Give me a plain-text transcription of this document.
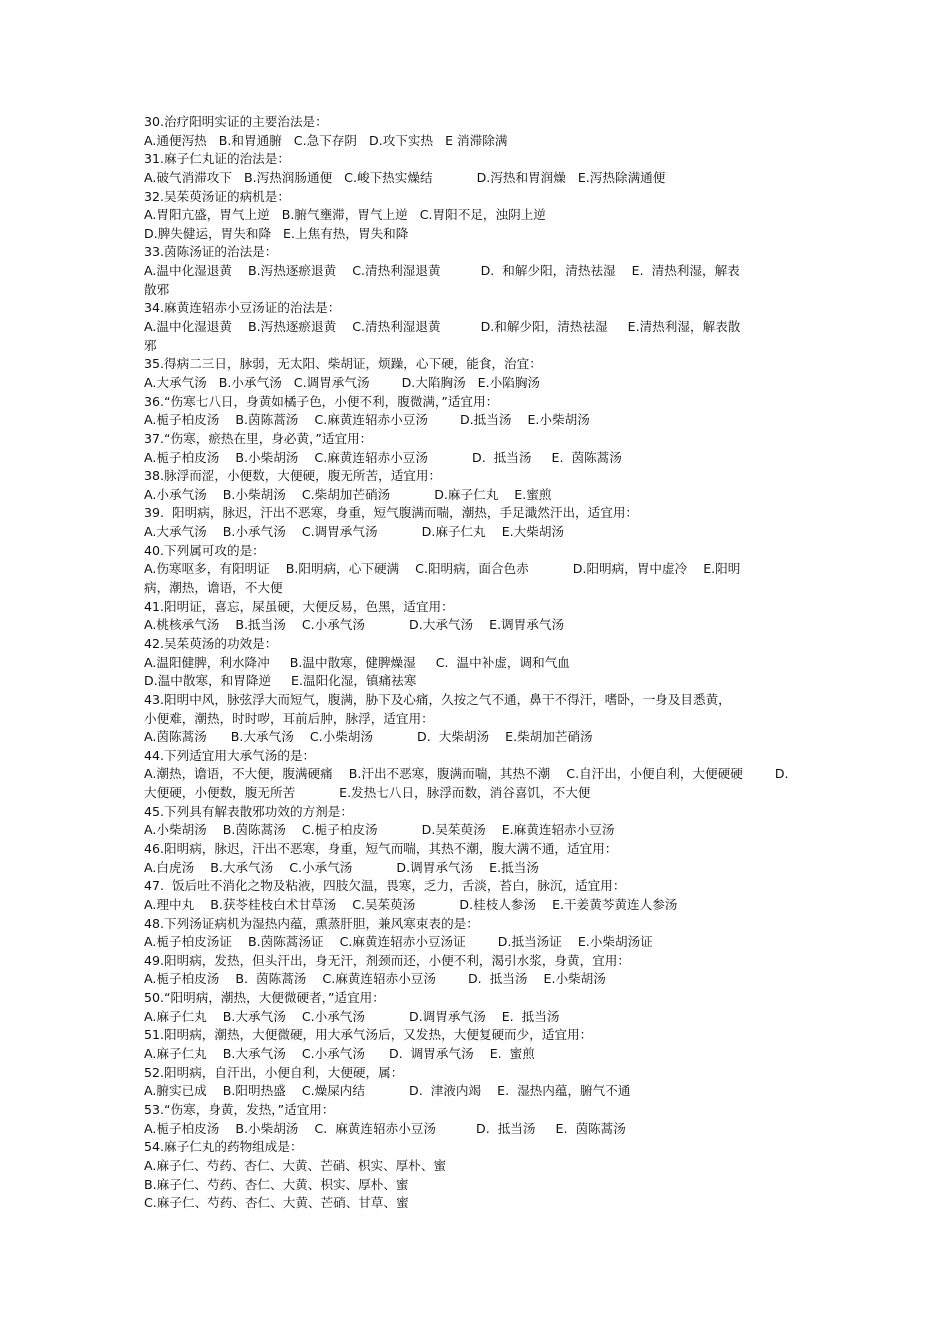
30.治疗阳明实证的主要治法是：
A.通便泻热   B.和胃通腑   C.急下存阴   D.攻下实热   E 消滞除满
31.麻子仁丸证的治法是：
A.破气消滞攻下   B.泻热润肠通便   C.峻下热实燥结           D.泻热和胃润燥   E.泻热除满通便
32.吴茱萸汤证的病机是：
A.胃阳亢盛，胃气上逆   B.腑气壅滞，胃气上逆   C.胃阳不足，浊阴上逆
D.脾失健运，胃失和降   E.上焦有热，胃失和降
33.茵陈汤证的治法是：
A.温中化湿退黄    B.泻热逐瘀退黄    C.清热利湿退黄          D.  和解少阳，清热祛湿    E.  清热利湿，解表
散邪
34.麻黄连轺赤小豆汤证的治法是：
A.温中化湿退黄    B.泻热逐瘀退黄    C.清热利湿退黄          D.和解少阳，清热祛湿     E.清热利湿，解表散
邪
35.得病二三日，脉弱，无太阳、柴胡证，烦躁，心下硬，能食，治宜：
A.大承气汤   B.小承气汤   C.调胃承气汤        D.大陷胸汤   E.小陷胸汤
36.“伤寒七八日，身黄如橘子色，小便不利，腹微满，”适宜用：
A.栀子柏皮汤    B.茵陈蒿汤    C.麻黄连轺赤小豆汤        D.抵当汤    E.小柴胡汤
37.“伤寒，瘀热在里，身必黄，”适宜用：
A.栀子柏皮汤    B.小柴胡汤    C.麻黄连轺赤小豆汤           D.  抵当汤     E.  茵陈蒿汤
38.脉浮而涩，小便数，大便硬，腹无所苦，适宜用：
A.小承气汤    B.小柴胡汤    C.柴胡加芒硝汤           D.麻子仁丸    E.蜜煎
39.  阳明病，脉迟，汗出不恶寒，身重，短气腹满而喘，潮热，手足濈然汗出，适宜用：
A.大承气汤    B.小承气汤    C.调胃承气汤           D.麻子仁丸    E.大柴胡汤
40.下列属可攻的是：
A.伤寒呕多，有阳明证    B.阳明病，心下硬满    C.阳明病，面合色赤           D.阳明病，胃中虚冷    E.阳明
病，潮热，谵语，不大便
41.阳明证，喜忘，屎虽硬，大便反易，色黑，适宜用：
A.桃核承气汤    B.抵当汤    C.小承气汤           D.大承气汤    E.调胃承气汤
42.吴茱萸汤的功效是：
A.温阳健脾，利水降冲     B.温中散寒，健脾燥湿     C.  温中补虚，调和气血
D.温中散寒，和胃降逆     E.温阳化湿，镇痛祛寒
43.阳明中风，脉弦浮大而短气，腹满，胁下及心痛，久按之气不通，鼻干不得汗，嗜卧，一身及目悉黄，
小便难，潮热，时时哕，耳前后肿，脉浮，适宜用：
A.茵陈蒿汤      B.大承气汤    C.小柴胡汤           D.  大柴胡汤    E.柴胡加芒硝汤
44.下列适宜用大承气汤的是：
A.潮热，谵语，不大便，腹满硬痛    B.汗出不恶寒，腹满而喘，其热不潮    C.自汗出，小便自利，大便硬硬        D.
大便硬，小便数，腹无所苦           E.发热七八日，脉浮而数，消谷喜饥，不大便
45.下列具有解表散邪功效的方剂是：
A.小柴胡汤    B.茵陈蒿汤    C.栀子柏皮汤           D.吴茱萸汤    E.麻黄连轺赤小豆汤
46.阳明病，脉迟，汗出不恶寒，身重，短气而喘，其热不潮，腹大满不通，适宜用：
A.白虎汤    B.大承气汤    C.小承气汤           D.调胃承气汤    E.抵当汤
47.  饭后吐不消化之物及粘液，四肢欠温，畏寒，乏力，舌淡，苔白，脉沉，适宜用：
A.理中丸    B.获苓桂枝白术甘草汤    C.吴茱萸汤           D.桂枝人参汤    E.干姜黄芩黄连人参汤
48.下列汤证病机为湿热内蕴，熏蒸肝胆，兼风寒束表的是：
A.栀子柏皮汤证    B.茵陈蒿汤证    C.麻黄连轺赤小豆汤证        D.抵当汤证    E.小柴胡汤证
49.阳明病，发热，但头汗出，身无汗，剂颈而还，小便不利，渴引水浆，身黄，宜用：
A.栀子柏皮汤    B.  茵陈蒿汤    C.麻黄连轺赤小豆汤        D.  抵当汤    E.小柴胡汤
50.“阳明病，潮热，大便微硬者，”适宜用：
A.麻子仁丸    B.大承气汤    C.小承气汤           D.调胃承气汤    E.  抵当汤
51.阳明病，潮热，大便微硬，用大承气汤后，又发热，大便复硬而少，适宜用：
A.麻子仁丸    B.大承气汤    C.小承气汤      D.  调胃承气汤    E.  蜜煎
52.阳明病，自汗出，小便自利，大便硬，属：
A.腑实已成    B.阳明热盛    C.燥屎内结           D.  津液内竭    E.  湿热内蕴，腑气不通
53.“伤寒，身黄，发热，”适宜用：
A.栀子柏皮汤    B.小柴胡汤    C.  麻黄连轺赤小豆汤          D.  抵当汤     E.  茵陈蒿汤
54.麻子仁丸的药物组成是：
A.麻子仁、芍药、杏仁、大黄、芒硝、枳实、厚朴、蜜
B.麻子仁、芍药、杏仁、大黄、枳实、厚朴、蜜
C.麻子仁、芍药、杏仁、大黄、芒硝、甘草、蜜
